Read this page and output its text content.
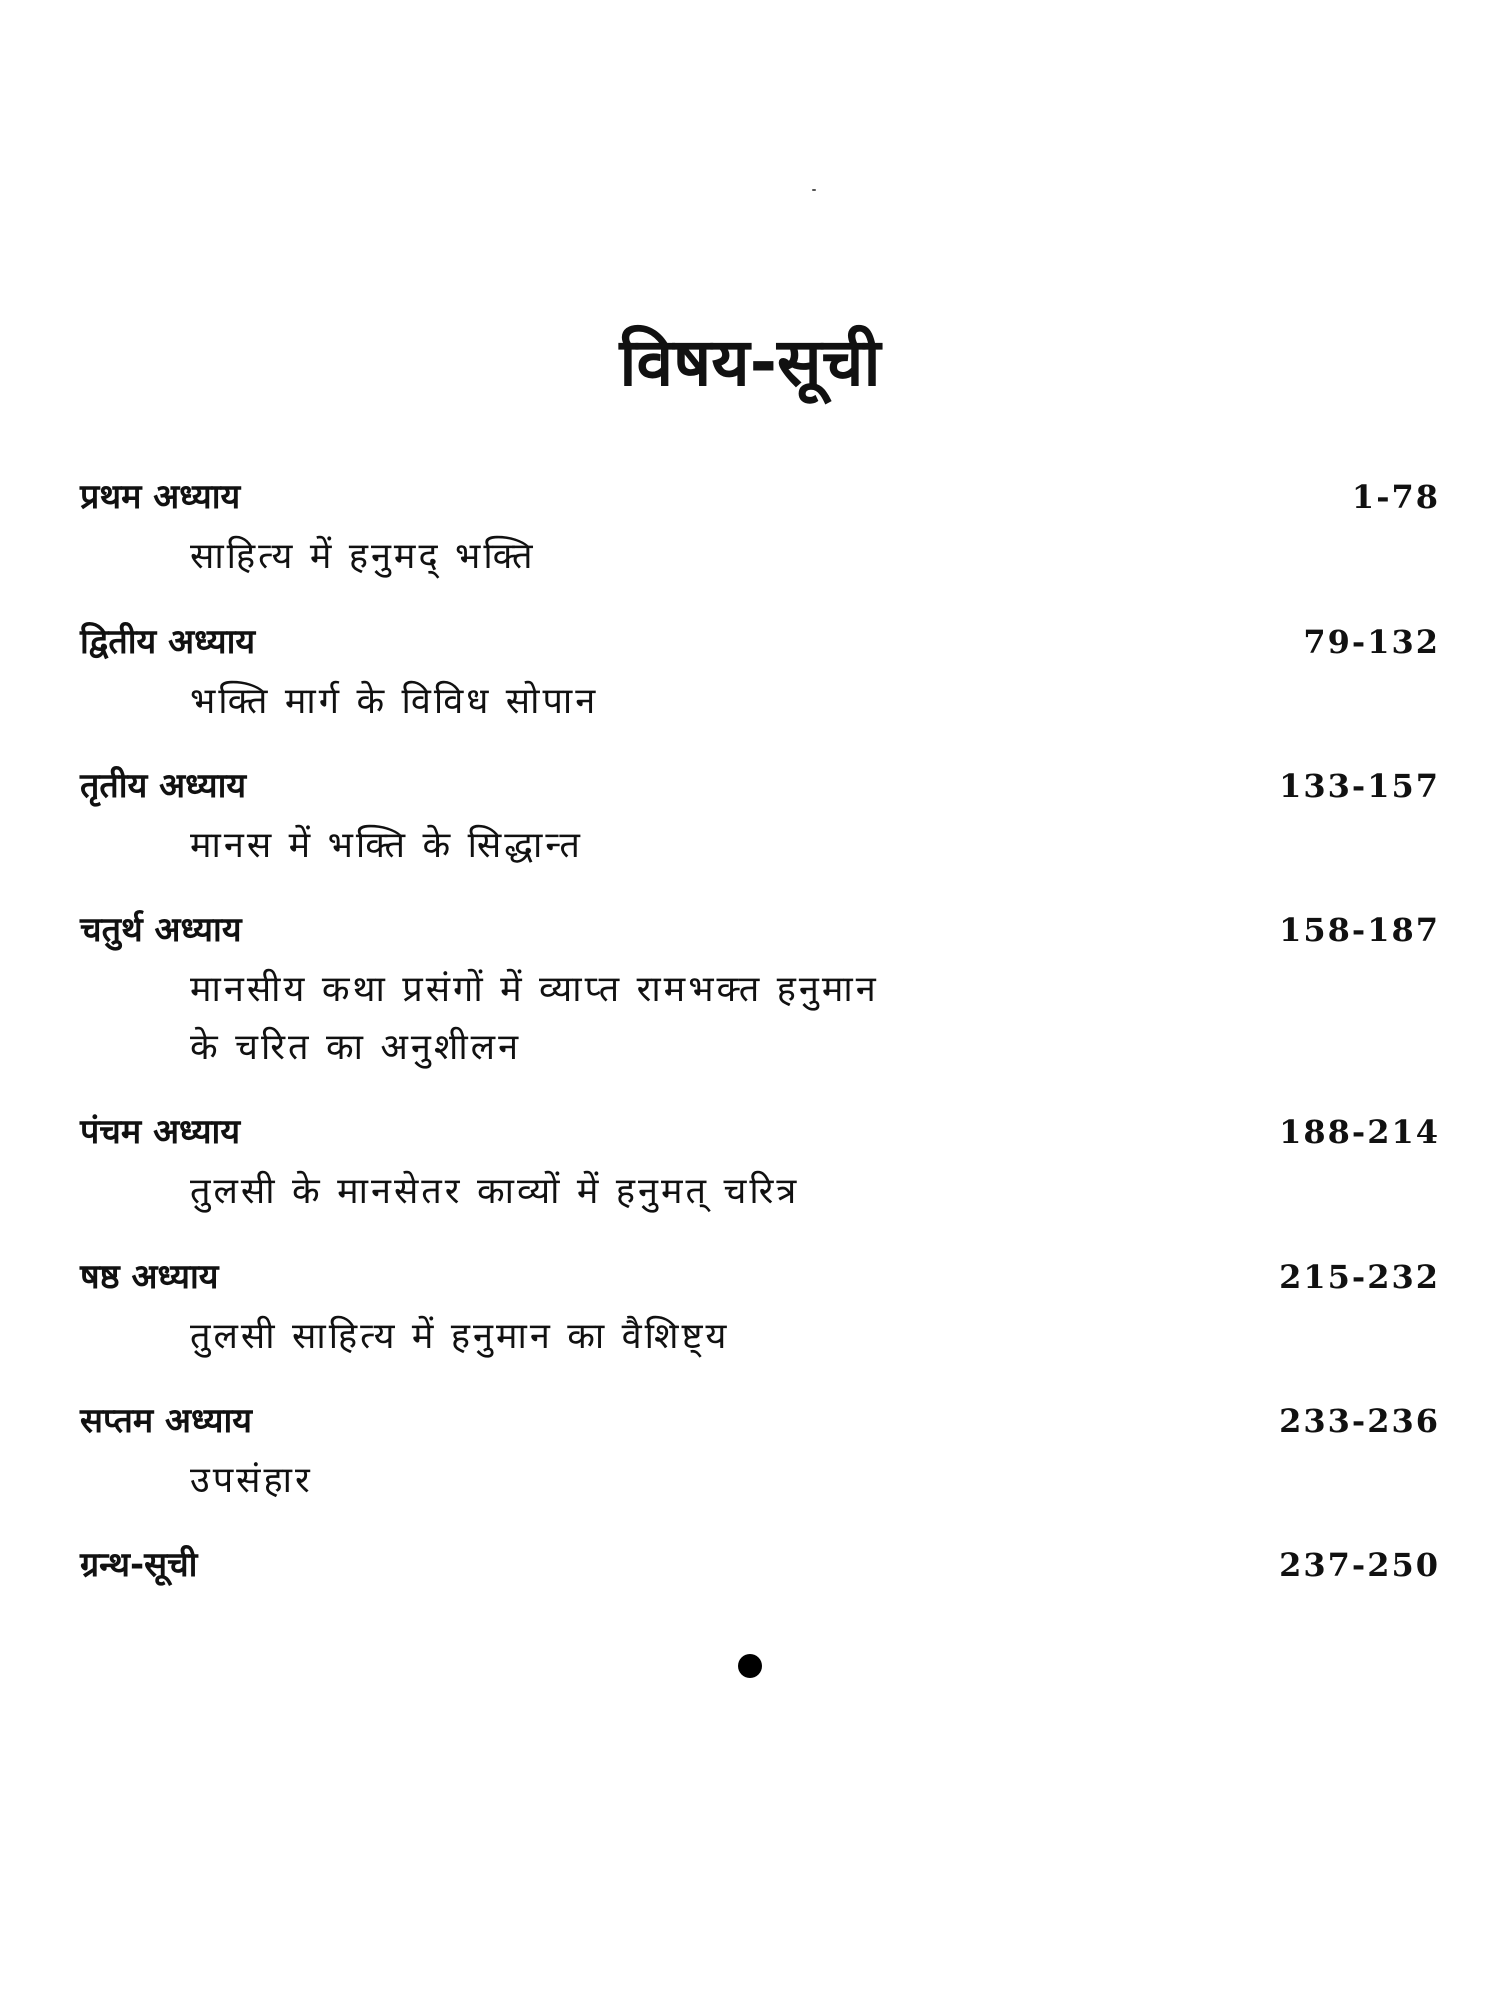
विषय-सूची
प्रथम अध्याय	1-78
साहित्य में हनुमद् भक्ति
द्वितीय अध्याय	79-132
भक्ति मार्ग के विविध सोपान
तृतीय अध्याय	133-157
मानस में भक्ति के सिद्धान्त
चतुर्थ अध्याय	158-187
मानसीय कथा प्रसंगों में व्याप्त रामभक्त हनुमान
के चरित का अनुशीलन
पंचम अध्याय	188-214
तुलसी के मानसेतर काव्यों में हनुमत् चरित्र
षष्ठ अध्याय	215-232
तुलसी साहित्य में हनुमान का वैशिष्ट्य
सप्तम अध्याय	233-236
उपसंहार
ग्रन्थ-सूची	237-250
